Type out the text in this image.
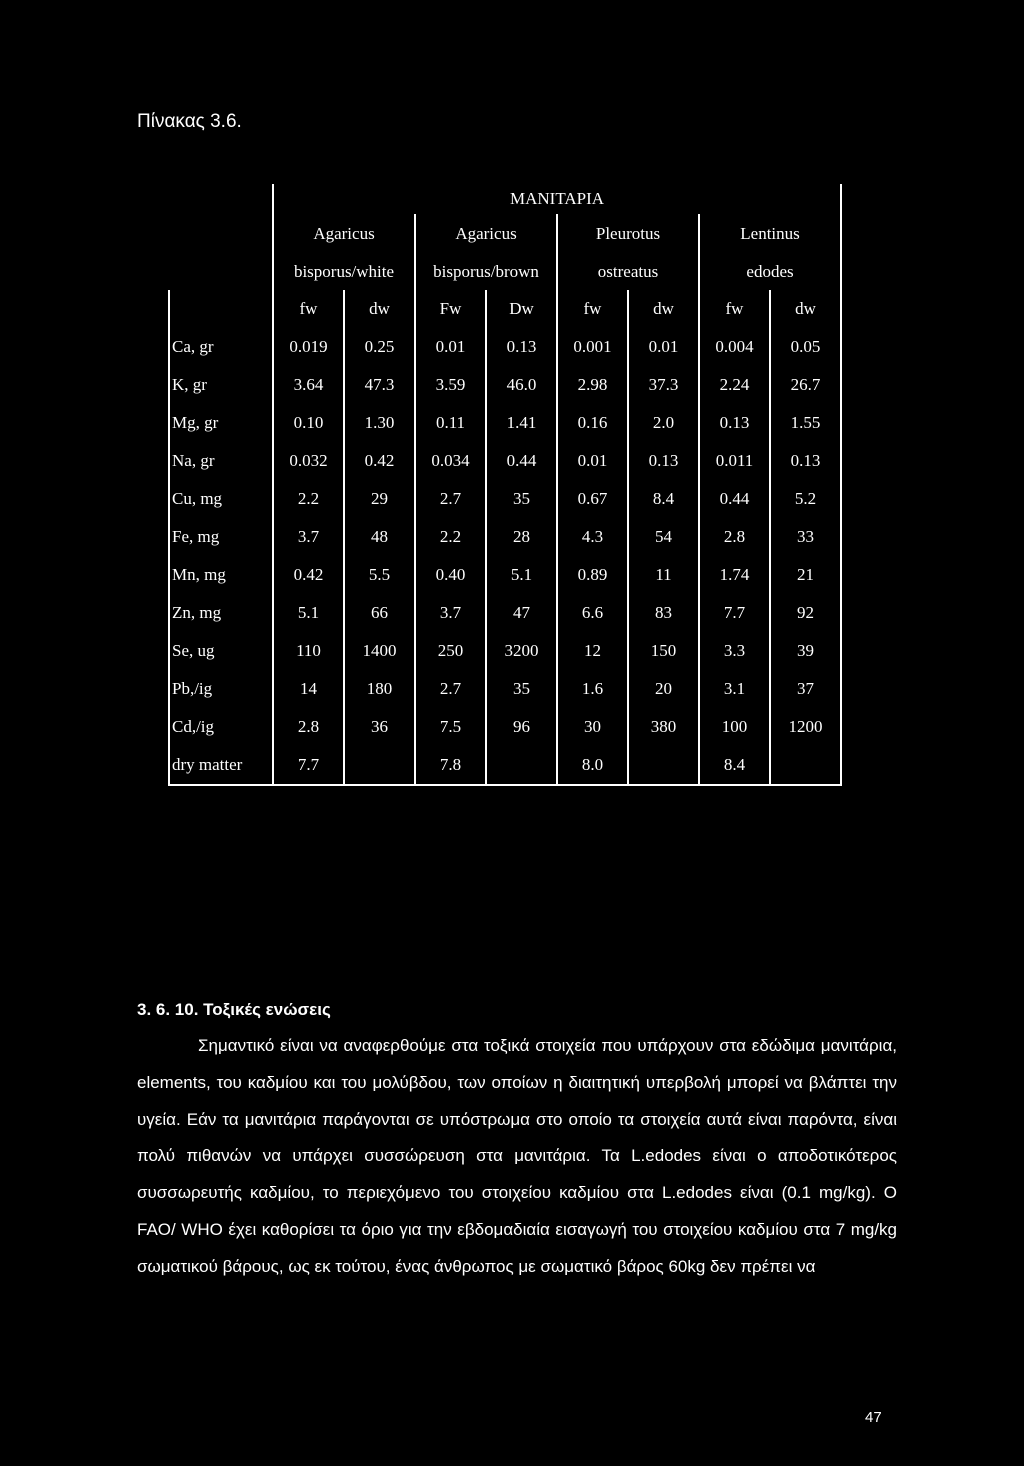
Πίνακας 3.6.
	ΜΑΝΙΤΑΡΙΑ							
	Agaricus		Agaricus		Pleurotus		Lentinus	
	bisporus/white		bisporus/brown		ostreatus		edodes	
	fw	dw	Fw	Dw	fw	dw	fw	dw
Ca, gr	0.019	0.25	0.01	0.13	0.001	0.01	0.004	0.05
K, gr	3.64	47.3	3.59	46.0	2.98	37.3	2.24	26.7
Mg, gr	0.10	1.30	0.11	1.41	0.16	2.0	0.13	1.55
Na, gr	0.032	0.42	0.034	0.44	0.01	0.13	0.011	0.13
Cu, mg	2.2	29	2.7	35	0.67	8.4	0.44	5.2
Fe, mg	3.7	48	2.2	28	4.3	54	2.8	33
Mn, mg	0.42	5.5	0.40	5.1	0.89	11	1.74	21
Zn, mg	5.1	66	3.7	47	6.6	83	7.7	92
Se, ug	110	1400	250	3200	12	150	3.3	39
Pb,/ig	14	180	2.7	35	1.6	20	3.1	37
Cd,/ig	2.8	36	7.5	96	30	380	100	1200
dry matter	7.7		7.8		8.0		8.4	
3. 6. 10. Τοξικές ενώσεις

Σημαντικό είναι να αναφερθούμε στα τοξικά στοιχεία που υπάρχουν στα εδώδιμα μανιτάρια, elements, του καδμίου και του μολύβδου, των οποίων η διαιτητική υπερβολή μπορεί να βλάπτει την υγεία. Εάν τα μανιτάρια παράγονται σε υπόστρωμα στο οποίο τα στοιχεία αυτά είναι παρόντα, είναι πολύ πιθανών να υπάρχει συσσώρευση στα μανιτάρια. Τα L.edodes είναι ο αποδοτικότερος συσσωρευτής καδμίου, το περιεχόμενο του στοιχείου καδμίου στα L.edodes είναι (0.1 mg/kg). Ο FAO/ WHO έχει καθορίσει τα όριο για την εβδομαδιαία εισαγωγή του στοιχείου καδμίου στα 7 mg/kg σωματικού βάρους, ως εκ τούτου, ένας άνθρωπος με σωματικό βάρος 60kg δεν πρέπει να

47
